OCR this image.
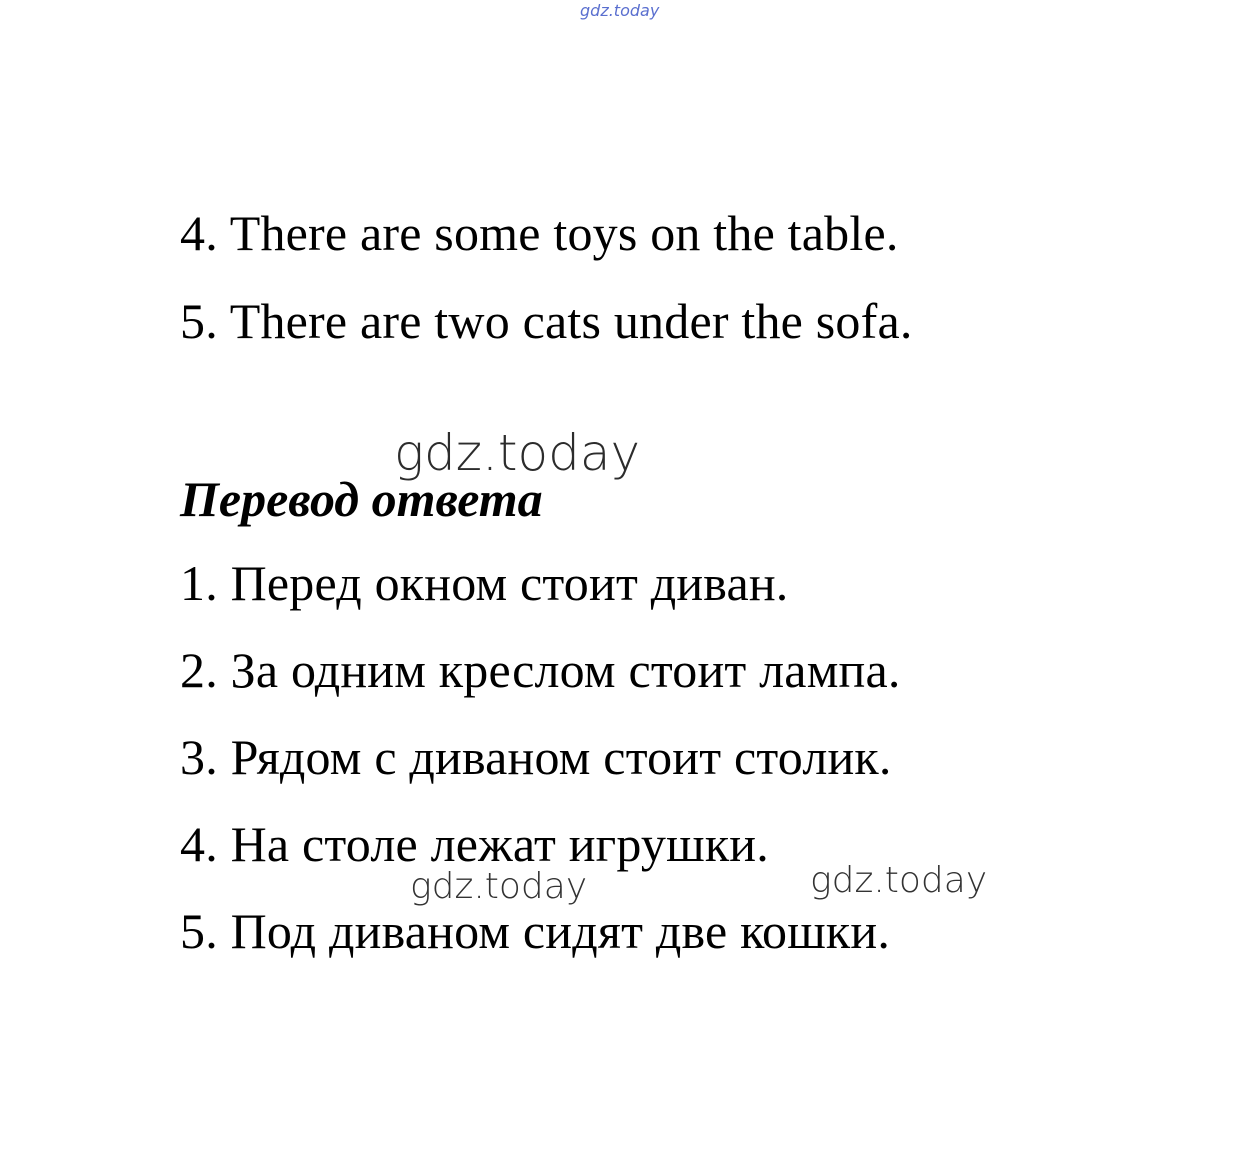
gdz.today
4. There are some toys on the table.
5. There are two cats under the sofa.
Перевод ответа
gdz.today
1. Перед окном стоит диван.
2. За одним креслом стоит лампа.
3. Рядом с диваном стоит столик.
4. На столе лежат игрушки.
5. Под диваном сидят две кошки.
gdz.today	gdz.today
